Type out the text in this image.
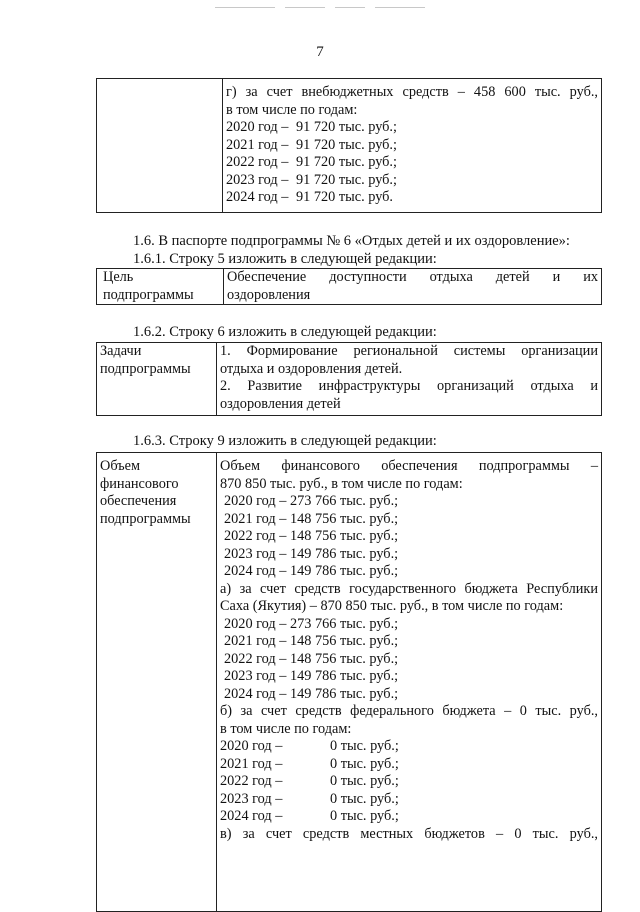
7

г) за счет внебюджетных средств – 458 600 тыс. руб.,
в том числе по годам:
2020 год – 91 720 тыс. руб.;
2021 год – 91 720 тыс. руб.;
2022 год – 91 720 тыс. руб.;
2023 год – 91 720 тыс. руб.;
2024 год – 91 720 тыс. руб.
1.6. В паспорте подпрограммы № 6 «Отдых детей и их оздоровление»:
1.6.1. Строку 5 изложить в следующей редакции:
Цель
подпрограммы

Обеспечение доступности отдыха детей и их
оздоровления
1.6.2. Строку 6 изложить в следующей редакции:
Задачи
подпрограммы

1. Формирование региональной системы организации
отдыха и оздоровления детей.
2. Развитие инфраструктуры организаций отдыха и
оздоровления детей
1.6.3. Строку 9 изложить в следующей редакции:
Объем
финансового
обеспечения
подпрограммы

Объем финансового обеспечения подпрограммы –
870 850 тыс. руб., в том числе по годам:
2020 год – 273 766 тыс. руб.;
2021 год – 148 756 тыс. руб.;
2022 год – 148 756 тыс. руб.;
2023 год – 149 786 тыс. руб.;
2024 год – 149 786 тыс. руб.;
а) за счет средств государственного бюджета Республики
Саха (Якутия) – 870 850 тыс. руб., в том числе по годам:
2020 год – 273 766 тыс. руб.;
2021 год – 148 756 тыс. руб.;
2022 год – 148 756 тыс. руб.;
2023 год – 149 786 тыс. руб.;
2024 год – 149 786 тыс. руб.;
б) за счет средств федерального бюджета – 0 тыс. руб.,
в том числе по годам:
2020 год –	0 тыс. руб.;
2021 год –	0 тыс. руб.;
2022 год –	0 тыс. руб.;
2023 год –	0 тыс. руб.;
2024 год –	0 тыс. руб.;
в) за счет средств местных бюджетов – 0 тыс. руб.,
